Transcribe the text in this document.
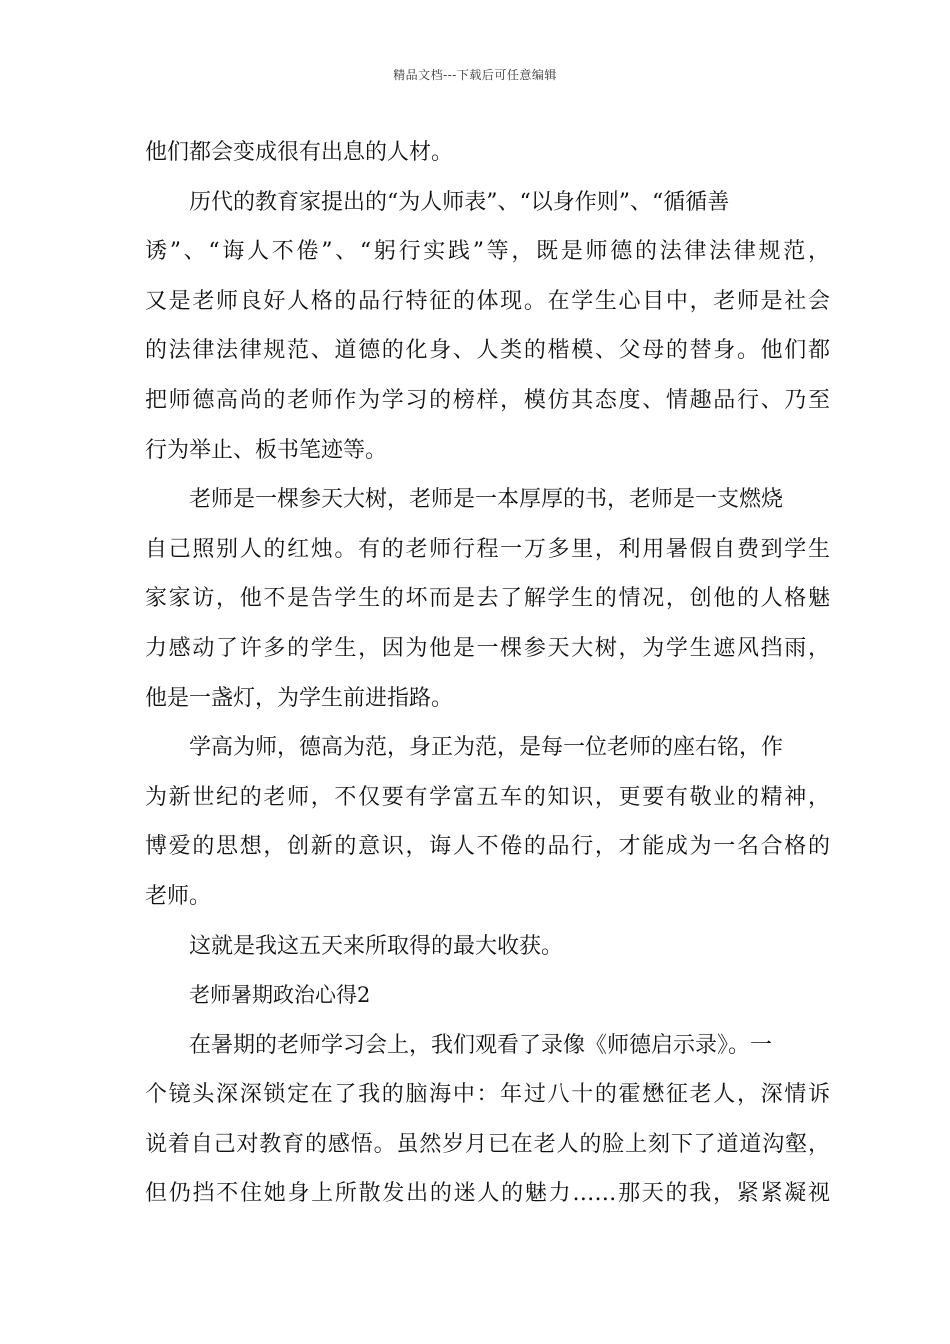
精品文档---下载后可任意编辑
他们都会变成很有出息的人材。
历代的教育家提出的“为人师表”、“以身作则”、“循循善
诱”、“诲人不倦”、“躬行实践”等，既是师德的法律法律规范，
又是老师良好人格的品行特征的体现。在学生心目中，老师是社会
的法律法律规范、道德的化身、人类的楷模、父母的替身。他们都
把师德高尚的老师作为学习的榜样，模仿其态度、情趣品行、乃至
行为举止、板书笔迹等。
老师是一棵参天大树，老师是一本厚厚的书，老师是一支燃烧
自己照别人的红烛。有的老师行程一万多里，利用暑假自费到学生
家家访，他不是告学生的坏而是去了解学生的情况，创他的人格魅
力感动了许多的学生，因为他是一棵参天大树，为学生遮风挡雨，
他是一盏灯，为学生前进指路。
学高为师，德高为范，身正为范，是每一位老师的座右铭，作
为新世纪的老师，不仅要有学富五车的知识，更要有敬业的精神，
博爱的思想，创新的意识，诲人不倦的品行，才能成为一名合格的
老师。
这就是我这五天来所取得的最大收获。
老师暑期政治心得2
在暑期的老师学习会上，我们观看了录像《师德启示录》。一
个镜头深深锁定在了我的脑海中：年过八十的霍懋征老人，深情诉
说着自己对教育的感悟。虽然岁月已在老人的脸上刻下了道道沟壑，
但仍挡不住她身上所散发出的迷人的魅力……那天的我，紧紧凝视
